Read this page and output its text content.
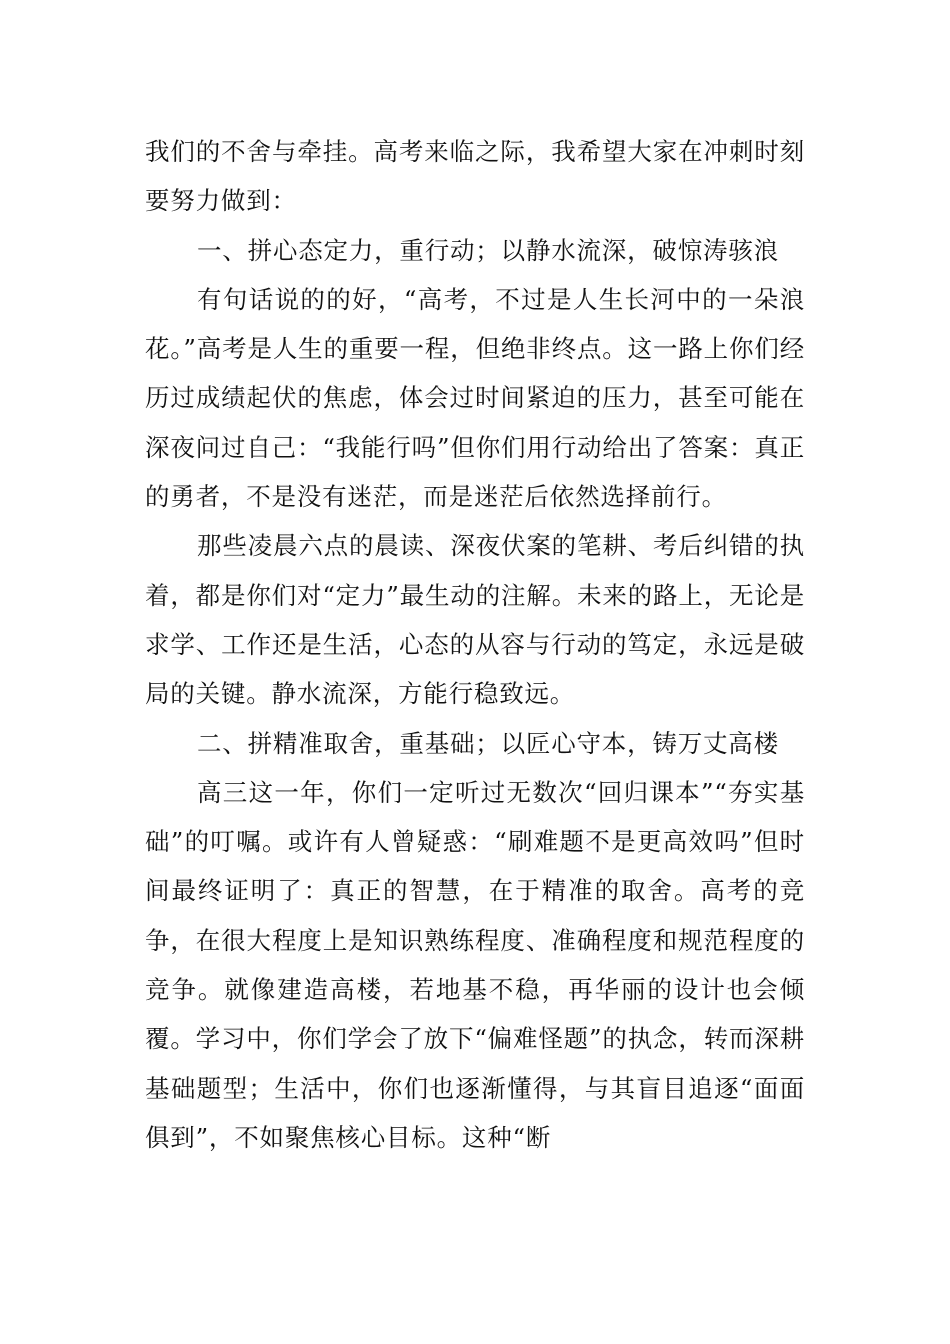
我们的不舍与牵挂。高考来临之际，我希望大家在冲刺时刻要努力做到：

一、拼心态定力，重行动；以静水流深，破惊涛骇浪

有句话说的的好，“高考，不过是人生长河中的一朵浪花。”高考是人生的重要一程，但绝非终点。这一路上你们经历过成绩起伏的焦虑，体会过时间紧迫的压力，甚至可能在深夜问过自己：“我能行吗”但你们用行动给出了答案：真正的勇者，不是没有迷茫，而是迷茫后依然选择前行。

那些凌晨六点的晨读、深夜伏案的笔耕、考后纠错的执着，都是你们对“定力”最生动的注解。未来的路上，无论是求学、工作还是生活，心态的从容与行动的笃定，永远是破局的关键。静水流深，方能行稳致远。

二、拼精准取舍，重基础；以匠心守本，铸万丈高楼

高三这一年，你们一定听过无数次“回归课本”“夯实基础”的叮嘱。或许有人曾疑惑：“刷难题不是更高效吗”但时间最终证明了：真正的智慧，在于精准的取舍。高考的竞争，在很大程度上是知识熟练程度、准确程度和规范程度的竞争。就像建造高楼，若地基不稳，再华丽的设计也会倾覆。学习中，你们学会了放下“偏难怪题”的执念，转而深耕基础题型；生活中，你们也逐渐懂得，与其盲目追逐“面面俱到”，不如聚焦核心目标。这种“断
